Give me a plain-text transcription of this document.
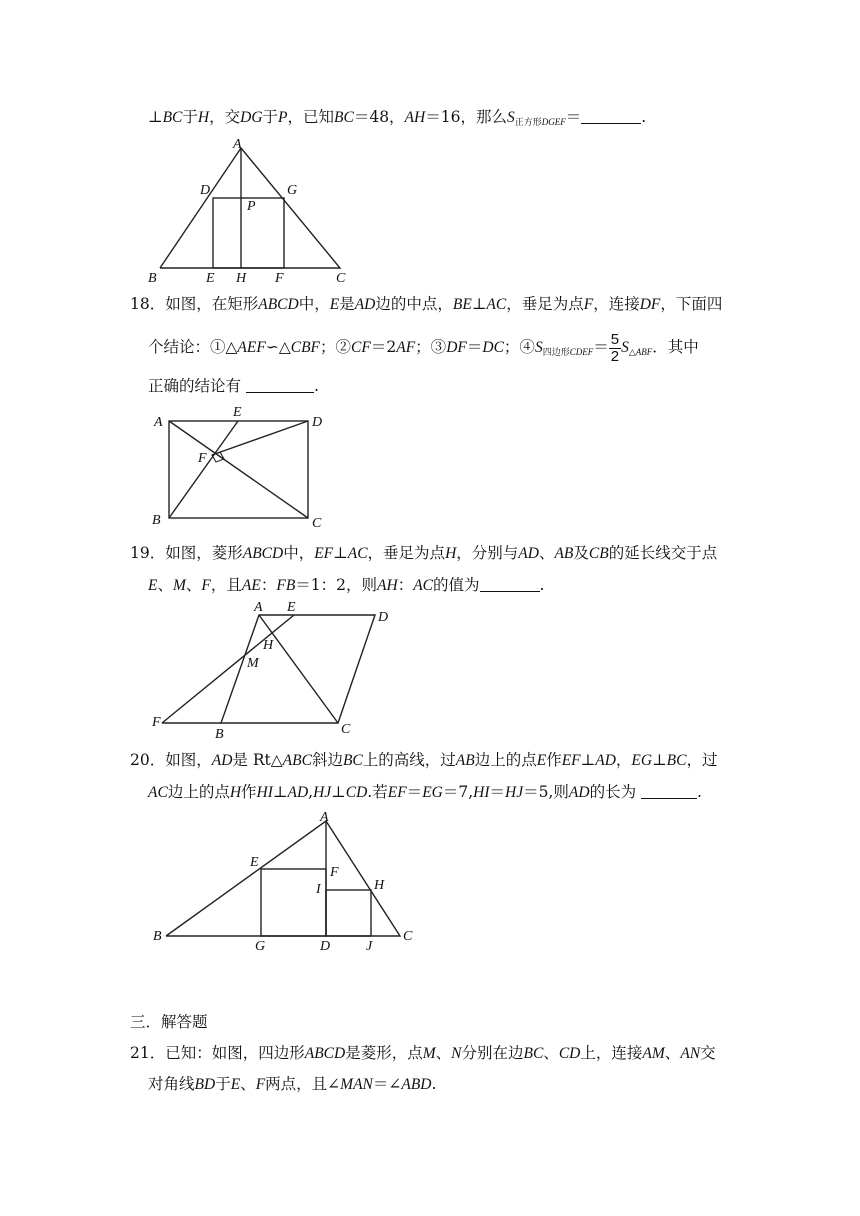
⊥BC于H，交DG于P，已知BC＝48，AH＝16，那么$S_{正方形DGEF}=$	.
A
D	G
P
B	E H F	C
18．如图，在矩形ABCD中，E是AD边的中点，BE⊥AC，垂足为点F，连接DF，下面四
个结论：①△AEF∽△CBF；②CF＝2AF；③DF＝DC；$④S_{四边形CDEF}= \frac{5}{2} S_{\triangle ABF}$．其中
正确的结论有	.
A
E
D
F
B	C
19．如图，菱形ABCD中，EF⊥AC，垂足为点H，分别与AD、AB及CB的延长线交于点
E、M、F，且AE：FB＝1：2，则AH：AC的值为	.
A E
D
H
M
F
B	C
20．如图，AD是 Rt△ABC斜边BC上的高线，过AB边上的点E作EF⊥AD，EG⊥BC，过
AC边上的点H作HI⊥AD,HJ⊥CD.若EF＝EG＝7,HI＝HJ＝5,则AD的长为	.
A
E
F
I	H
B
G	D	J
C
三．解答题
21．已知：如图，四边形ABCD是菱形，点M、N分别在边BC、CD上，连接AM、AN交
对角线BD于E、F两点，且∠MAN＝∠ABD.
